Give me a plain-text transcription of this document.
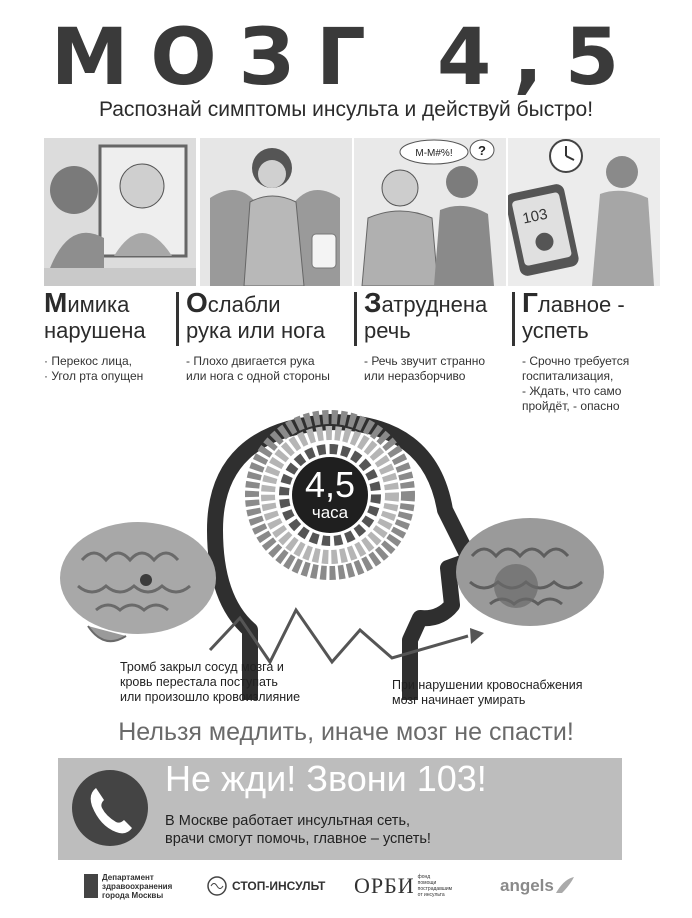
МОЗГ 4,5
Распознай симптомы инсульта и действуй быстро!
М-М#%! ?
103
Мимика
нарушена
Ослабли
рука или нога
Затруднена
речь
Главное -
успеть
· Перекос лица,
· Угол рта опущен
- Плохо двигается рука
или нога с одной стороны
- Речь звучит странно
или неразборчиво
- Срочно требуется
госпитализация,
- Ждать, что само
пройдёт, - опасно
4,5
часа
Тромб закрыл сосуд мозга и
кровь перестала поступать
или произошло кровоизлияние
При нарушении кровоснабжения
мозг начинает умирать
Нельзя медлить, иначе мозг не спасти!
Не жди! Звони 103!
В Москве работает инсультная сеть,
врачи смогут помочь, главное – успеть!
Департамент
здравоохранения
города Москвы
СТОП-ИНСУЛЬТ ОРБИ фонд
помощи
пострадавшим
от инсульта	angels
